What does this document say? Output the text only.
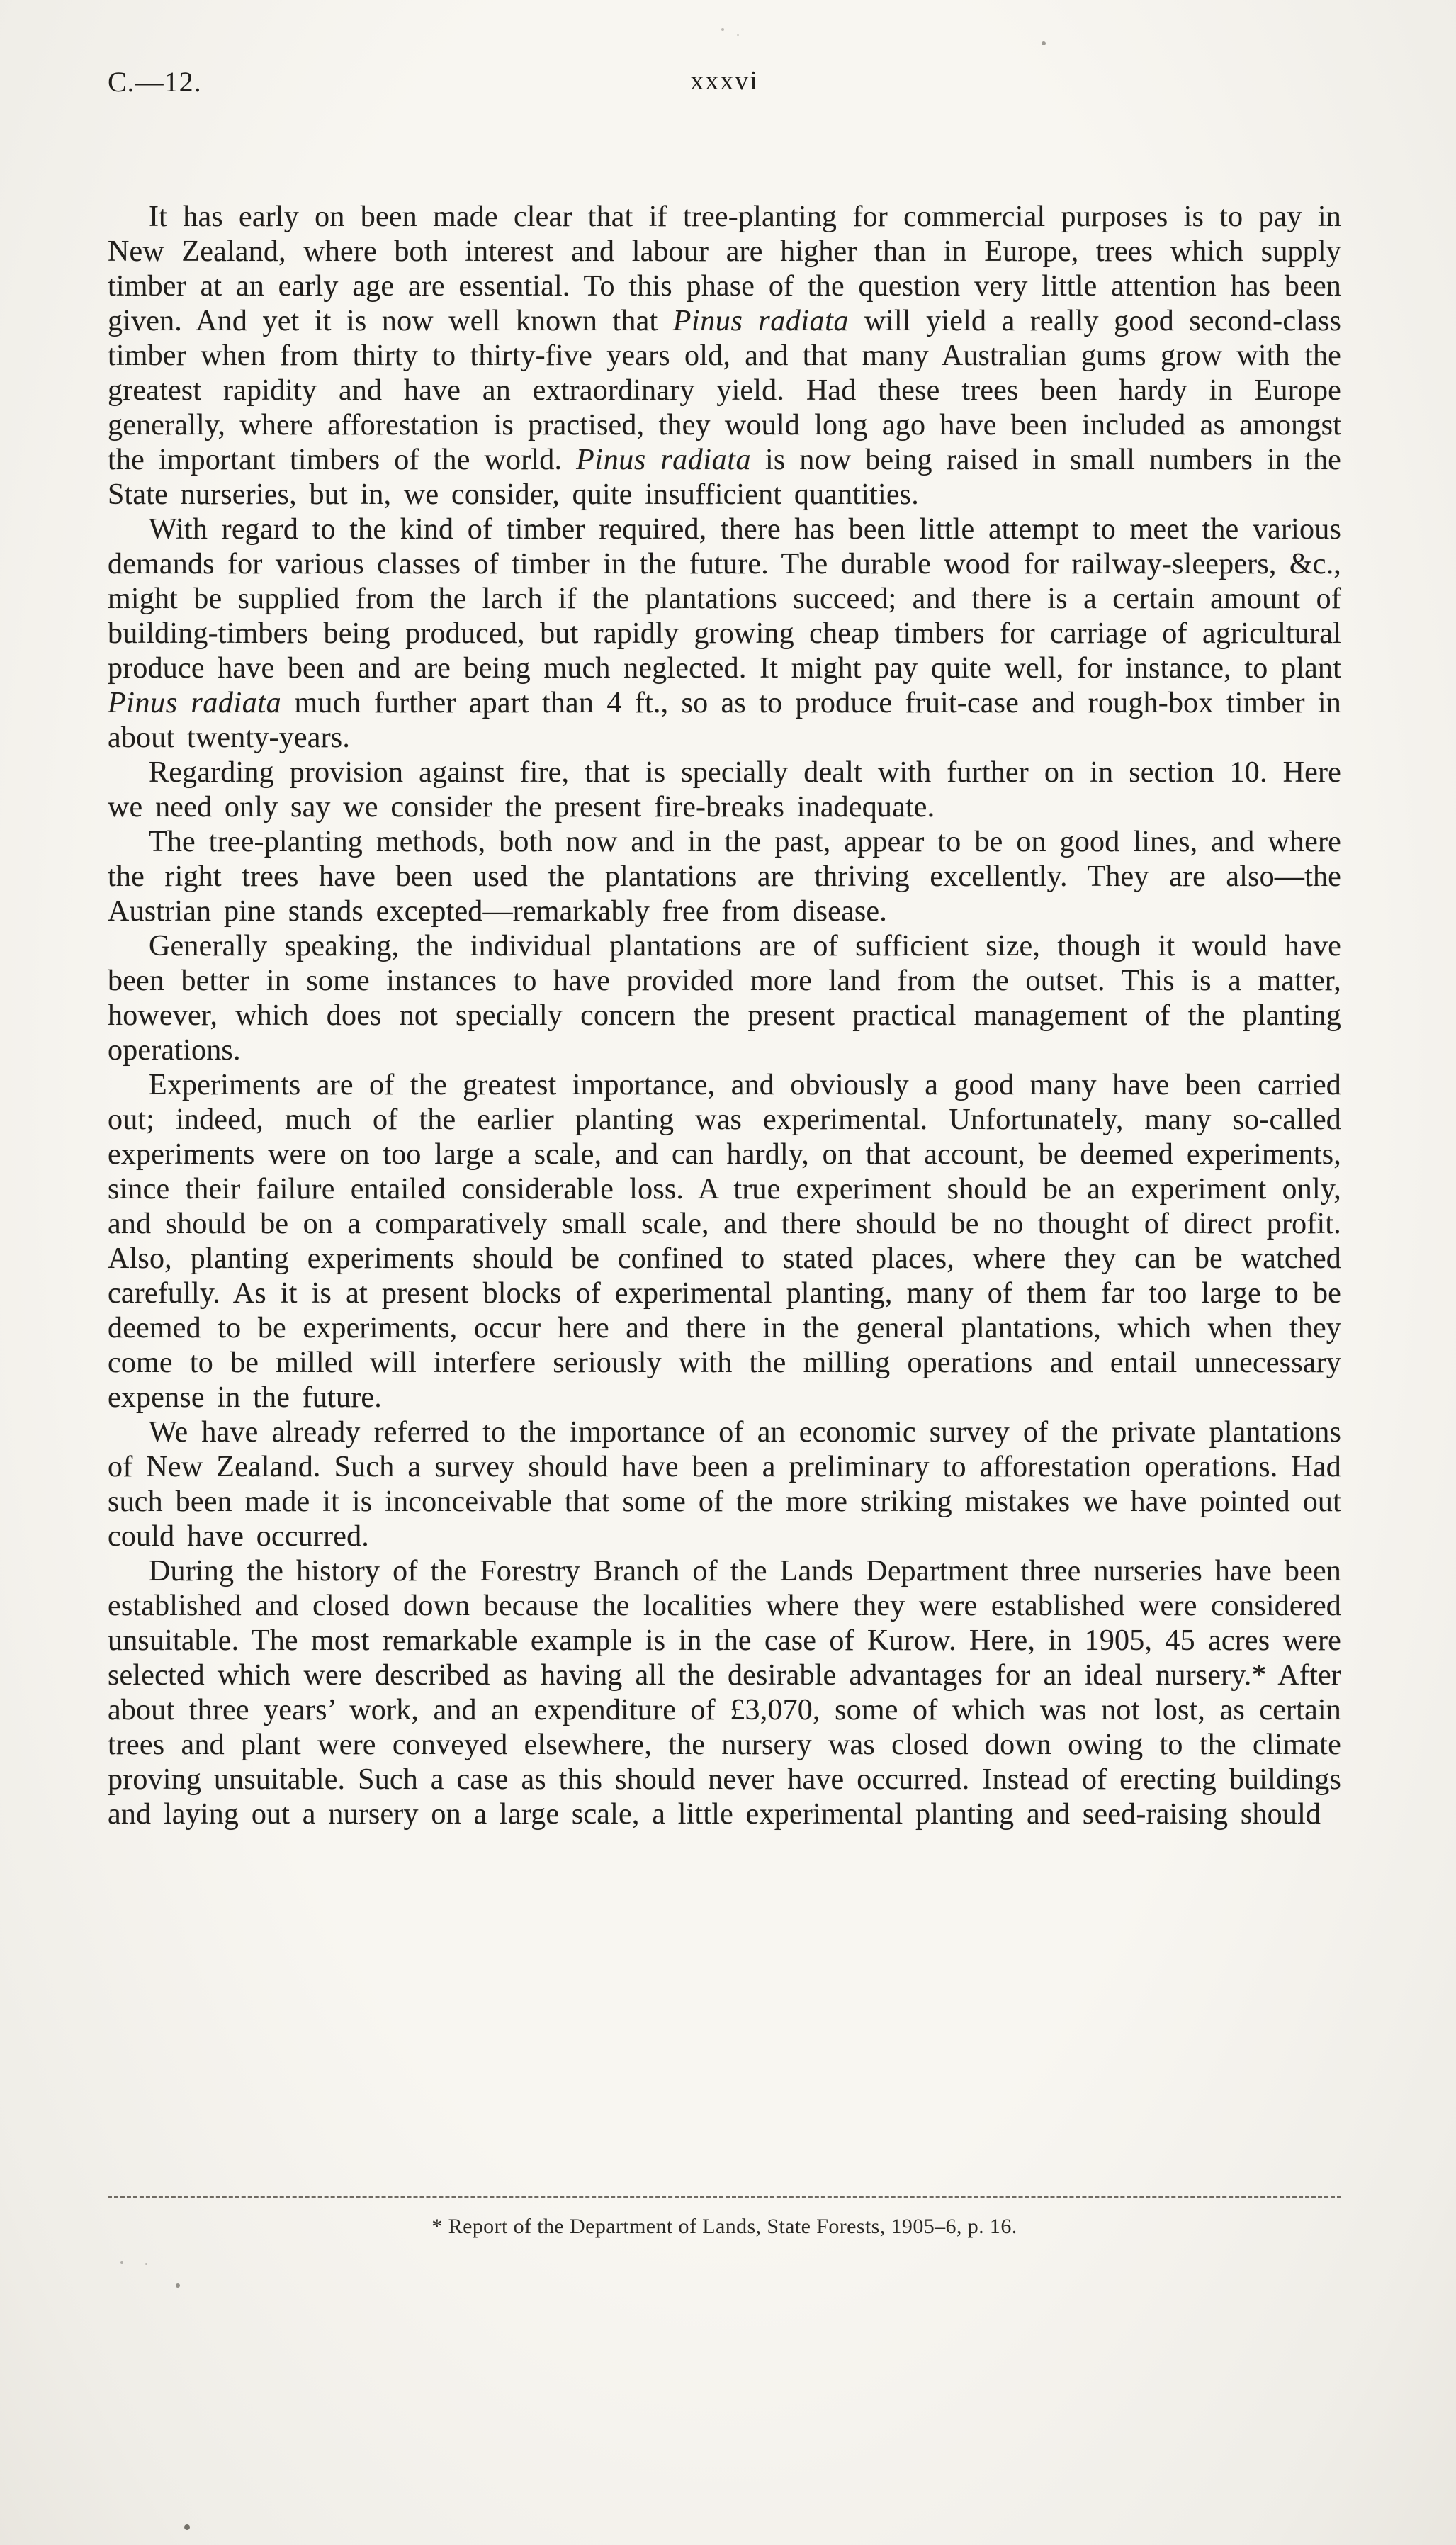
C.—12.	xxxvi

It has early on been made clear that if tree-planting for commercial purposes is to pay in New Zealand, where both interest and labour are higher than in Europe, trees which supply timber at an early age are essential. To this phase of the question very little attention has been given. And yet it is now well known that Pinus radiata will yield a really good second-class timber when from thirty to thirty-five years old, and that many Australian gums grow with the greatest rapidity and have an extraordinary yield. Had these trees been hardy in Europe generally, where afforestation is practised, they would long ago have been included as amongst the important timbers of the world. Pinus radiata is now being raised in small numbers in the State nurseries, but in, we consider, quite insufficient quantities.

With regard to the kind of timber required, there has been little attempt to meet the various demands for various classes of timber in the future. The durable wood for railway-sleepers, &c., might be supplied from the larch if the plantations succeed; and there is a certain amount of building-timbers being produced, but rapidly growing cheap timbers for carriage of agricultural produce have been and are being much neglected. It might pay quite well, for instance, to plant Pinus radiata much further apart than 4 ft., so as to produce fruit-case and rough-box timber in about twenty-years.

Regarding provision against fire, that is specially dealt with further on in section 10. Here we need only say we consider the present fire-breaks inadequate.

The tree-planting methods, both now and in the past, appear to be on good lines, and where the right trees have been used the plantations are thriving excellently. They are also—the Austrian pine stands excepted—remarkably free from disease.

Generally speaking, the individual plantations are of sufficient size, though it would have been better in some instances to have provided more land from the outset. This is a matter, however, which does not specially concern the present practical management of the planting operations.

Experiments are of the greatest importance, and obviously a good many have been carried out; indeed, much of the earlier planting was experimental. Unfortunately, many so-called experiments were on too large a scale, and can hardly, on that account, be deemed experiments, since their failure entailed considerable loss. A true experiment should be an experiment only, and should be on a comparatively small scale, and there should be no thought of direct profit. Also, planting experiments should be confined to stated places, where they can be watched carefully. As it is at present blocks of experimental planting, many of them far too large to be deemed to be experiments, occur here and there in the general plantations, which when they come to be milled will interfere seriously with the milling operations and entail unnecessary expense in the future.

We have already referred to the importance of an economic survey of the private plantations of New Zealand. Such a survey should have been a preliminary to afforestation operations. Had such been made it is inconceivable that some of the more striking mistakes we have pointed out could have occurred.

During the history of the Forestry Branch of the Lands Department three nurseries have been established and closed down because the localities where they were established were considered unsuitable. The most remarkable example is in the case of Kurow. Here, in 1905, 45 acres were selected which were described as having all the desirable advantages for an ideal nursery.* After about three years’ work, and an expenditure of £3,070, some of which was not lost, as certain trees and plant were conveyed elsewhere, the nursery was closed down owing to the climate proving unsuitable. Such a case as this should never have occurred. Instead of erecting buildings and laying out a nursery on a large scale, a little experimental planting and seed-raising should

* Report of the Department of Lands, State Forests, 1905–6, p. 16.
